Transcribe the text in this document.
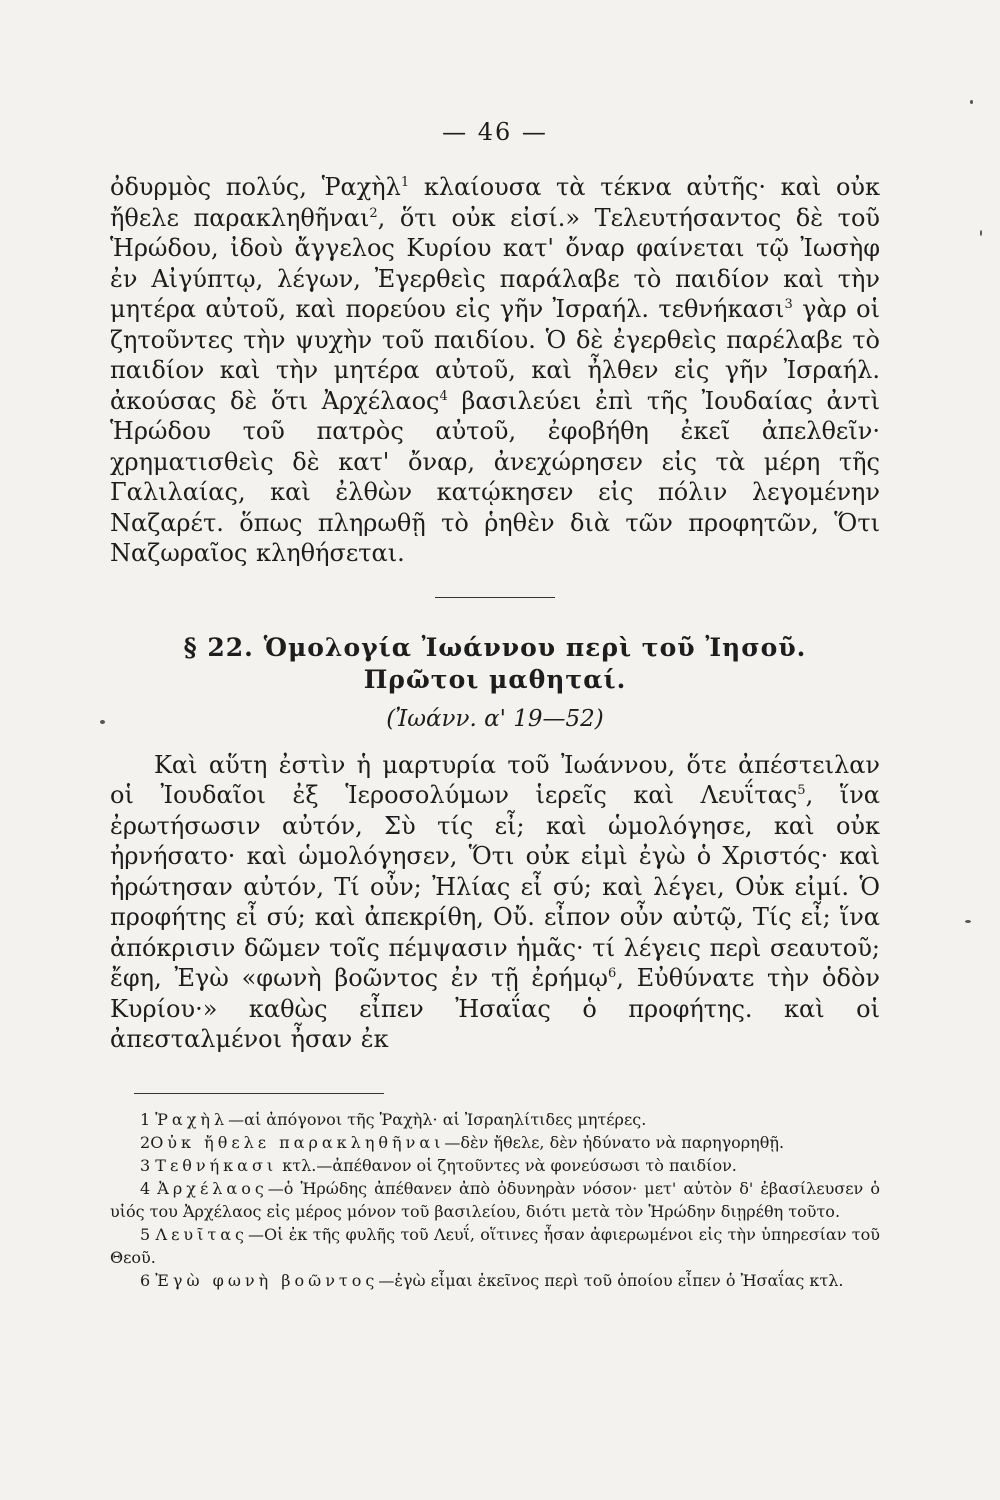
— 46 —

ὀδυρμὸς πολύς, Ῥαχὴλ$^1$ κλαίουσα τὰ τέκνα αὐτῆς· καὶ οὐκ ἤθελε παρακληθῆναι$^2$, ὅτι οὐκ εἰσί.» Τελευτήσαντος δὲ τοῦ Ἡρώδου, ἰδοὺ ἄγγελος Κυρίου κατ' ὄναρ φαίνεται τῷ Ἰωσὴφ ἐν Αἰγύπτῳ, λέγων, Ἐγερθεὶς παράλαβε τὸ παιδίον καὶ τὴν μητέρα αὐτοῦ, καὶ πορεύου εἰς γῆν Ἰσραήλ. τεθνήκασι$^3$ γὰρ οἱ ζητοῦντες τὴν ψυχὴν τοῦ παιδίου. Ὁ δὲ ἐγερθεὶς παρέλαβε τὸ παιδίον καὶ τὴν μητέρα αὐτοῦ, καὶ ἦλθεν εἰς γῆν Ἰσραήλ. ἀκούσας δὲ ὅτι Ἀρχέλαος$^4$ βασιλεύει ἐπὶ τῆς Ἰουδαίας ἀντὶ Ἡρώδου τοῦ πατρὸς αὐτοῦ, ἐφοβήθη ἐκεῖ ἀπελθεῖν· χρηματισθεὶς δὲ κατ' ὄναρ, ἀνεχώρησεν εἰς τὰ μέρη τῆς Γαλιλαίας, καὶ ἐλθὼν κατῴκησεν εἰς πόλιν λεγομένην Ναζαρέτ. ὅπως πληρωθῇ τὸ ῥηθὲν διὰ τῶν προφητῶν, Ὅτι Ναζωραῖος κληθήσεται.

§ 22. Ὁμολογία Ἰωάννου περὶ τοῦ Ἰησοῦ.
Πρῶτοι μαθηταί.
(Ἰωάνν. α' 19—52)

Καὶ αὕτη ἐστὶν ἡ μαρτυρία τοῦ Ἰωάννου, ὅτε ἀπέστειλαν οἱ Ἰουδαῖοι ἐξ Ἱεροσολύμων ἱερεῖς καὶ Λευΐτας$^5$, ἵνα ἐρωτήσωσιν αὐτόν, Σὺ τίς εἶ; καὶ ὡμολόγησε, καὶ οὐκ ἠρνήσατο· καὶ ὡμολόγησεν, Ὅτι οὐκ εἰμὶ ἐγὼ ὁ Χριστός· καὶ ἠρώτησαν αὐτόν, Τί οὖν; Ἠλίας εἶ σύ; καὶ λέγει, Οὐκ εἰμί. Ὁ προφήτης εἶ σύ; καὶ ἀπεκρίθη, Οὔ. εἶπον οὖν αὐτῷ, Τίς εἶ; ἵνα ἀπόκρισιν δῶμεν τοῖς πέμψασιν ἡμᾶς· τί λέγεις περὶ σεαυτοῦ; ἔφη, Ἐγὼ «φωνὴ βοῶντος ἐν τῇ ἐρήμῳ$^6$, Εὐθύνατε τὴν ὁδὸν Κυρίου·» καθὼς εἶπεν Ἠσαΐας ὁ προφήτης. καὶ οἱ ἀπεσταλμένοι ἦσαν ἐκ

1 Ῥαχὴλ—αἱ ἀπόγονοι τῆς Ῥαχὴλ· αἱ Ἰσραηλίτιδες μητέρες.

2Οὐκ ἤθελε παρακληθῆναι—δὲν ἤθελε, δὲν ἠδύνατο νὰ παρηγορηθῇ.

3 Τεθνήκασι κτλ.—ἀπέθανον οἱ ζητοῦντες νὰ φονεύσωσι τὸ παιδίον.

4 Ἀρχέλαος—ὁ Ἡρώδης ἀπέθανεν ἀπὸ ὀδυνηρὰν νόσον· μετ' αὐτὸν δ' ἐβασίλευσεν ὁ υἱός του Ἀρχέλαος εἰς μέρος μόνον τοῦ βασιλείου, διότι μετὰ τὸν Ἡρώδην διῃρέθη τοῦτο.

5 Λευῖτας—Οἱ ἐκ τῆς φυλῆς τοῦ Λευΐ, οἵτινες ἦσαν ἀφιερωμένοι εἰς τὴν ὑπηρεσίαν τοῦ Θεοῦ.

6 Ἐγὼ φωνὴ βοῶντος—ἐγὼ εἶμαι ἐκεῖνος περὶ τοῦ ὁποίου εἶπεν ὁ Ἠσαΐας κτλ.
